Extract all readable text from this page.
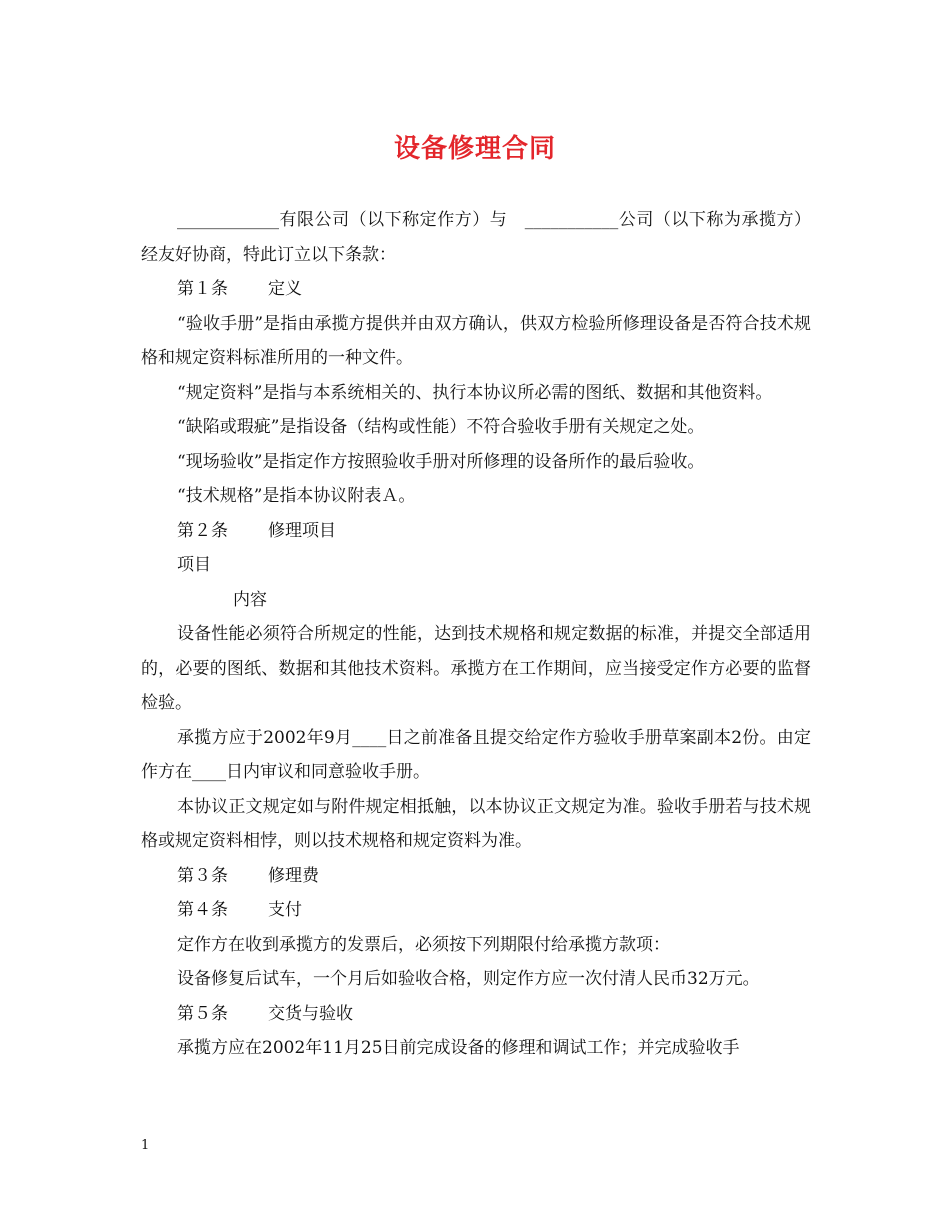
设备修理合同

____________有限公司（以下称定作方）与　___________公司（以下称为承揽方）经友好协商，特此订立以下条款：

第１条 定义

“验收手册”是指由承揽方提供并由双方确认，供双方检验所修理设备是否符合技术规格和规定资料标准所用的一种文件。

“规定资料”是指与本系统相关的、执行本协议所必需的图纸、数据和其他资料。

“缺陷或瑕疵”是指设备（结构或性能）不符合验收手册有关规定之处。

“现场验收”是指定作方按照验收手册对所修理的设备所作的最后验收。

“技术规格”是指本协议附表Ａ。

第２条 修理项目

项目

内容

设备性能必须符合所规定的性能，达到技术规格和规定数据的标准，并提交全部适用的，必要的图纸、数据和其他技术资料。承揽方在工作期间，应当接受定作方必要的监督检验。

承揽方应于2002年9月____日之前准备且提交给定作方验收手册草案副本2份。由定作方在____日内审议和同意验收手册。

本协议正文规定如与附件规定相抵触，以本协议正文规定为准。验收手册若与技术规格或规定资料相悖，则以技术规格和规定资料为准。

第３条 修理费

第４条 支付

定作方在收到承揽方的发票后，必须按下列期限付给承揽方款项：

设备修复后试车，一个月后如验收合格，则定作方应一次付清人民币32万元。

第５条 交货与验收

承揽方应在2002年11月25日前完成设备的修理和调试工作；并完成验收手

1
